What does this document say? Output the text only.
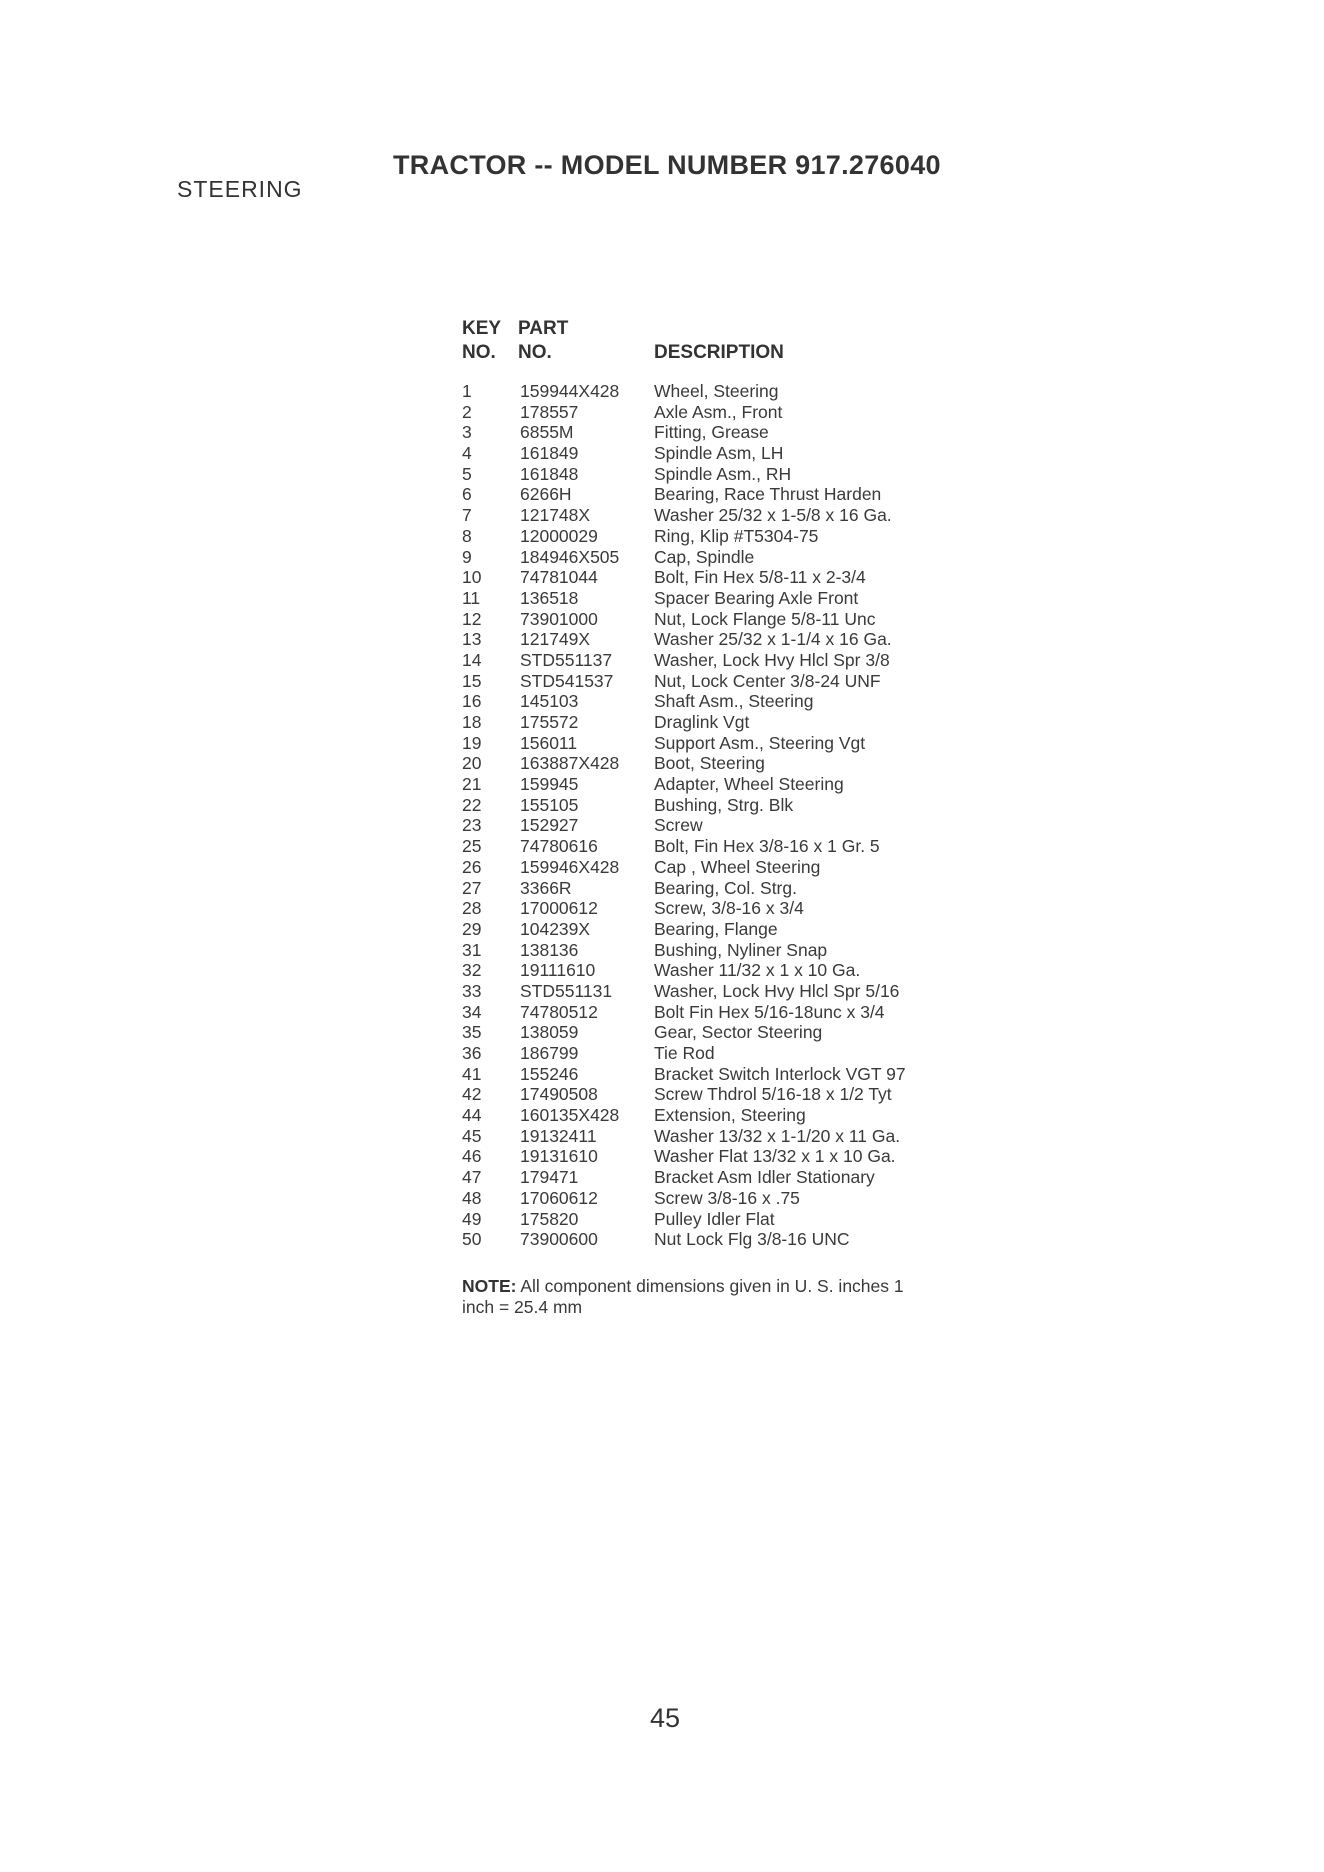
TRACTOR -- MODEL NUMBER 917.276040
STEERING
KEY
NO.
PART
NO.	DESCRIPTION
1	159944X428 Wheel, Steering
2	178557	Axle Asm., Front
3	6855M	Fitting, Grease
4	161849	Spindle Asm, LH
5	161848	Spindle Asm., RH
6	6266H	Bearing, Race Thrust Harden
7	121748X	Washer 25/32 x 1-5/8 x 16 Ga.
8	12000029	Ring, Klip #T5304-75
9	184946X505 Cap, Spindle
10 74781044	Bolt, Fin Hex 5/8-11 x 2-3/4
11 136518	Spacer Bearing Axle Front
12 73901000	Nut, Lock Flange 5/8-11 Unc
13 121749X	Washer 25/32 x 1-1/4 x 16 Ga.
14 STD551137 Washer, Lock Hvy Hlcl Spr 3/8
15 STD541537 Nut, Lock Center 3/8-24 UNF
16 145103	Shaft Asm., Steering
18 175572	Draglink Vgt
19 156011	Support Asm., Steering Vgt
20 163887X428 Boot, Steering
21 159945	Adapter, Wheel Steering
22 155105	Bushing, Strg. Blk
23 152927	Screw
25 74780616	Bolt, Fin Hex 3/8-16 x 1 Gr. 5
26 159946X428 Cap , Wheel Steering
27 3366R	Bearing, Col. Strg.
28 17000612	Screw, 3/8-16 x 3/4
29 104239X	Bearing, Flange
31 138136	Bushing, Nyliner Snap
32 19111610	Washer 11/32 x 1 x 10 Ga.
33 STD551131 Washer, Lock Hvy Hlcl Spr 5/16
34 74780512	Bolt Fin Hex 5/16-18unc x 3/4
35 138059	Gear, Sector Steering
36 186799	Tie Rod
41 155246	Bracket Switch Interlock VGT 97
42 17490508	Screw Thdrol 5/16-18 x 1/2 Tyt
44 160135X428 Extension, Steering
45 19132411	Washer 13/32 x 1-1/20 x 11 Ga.
46 19131610	Washer Flat 13/32 x 1 x 10 Ga.
47 179471	Bracket Asm Idler Stationary
48 17060612	Screw 3/8-16 x .75
49 175820	Pulley Idler Flat
50 73900600	Nut Lock Flg 3/8-16 UNC
NOTE: All component dimensions given in U. S. inches 1 inch = 25.4 mm
45
